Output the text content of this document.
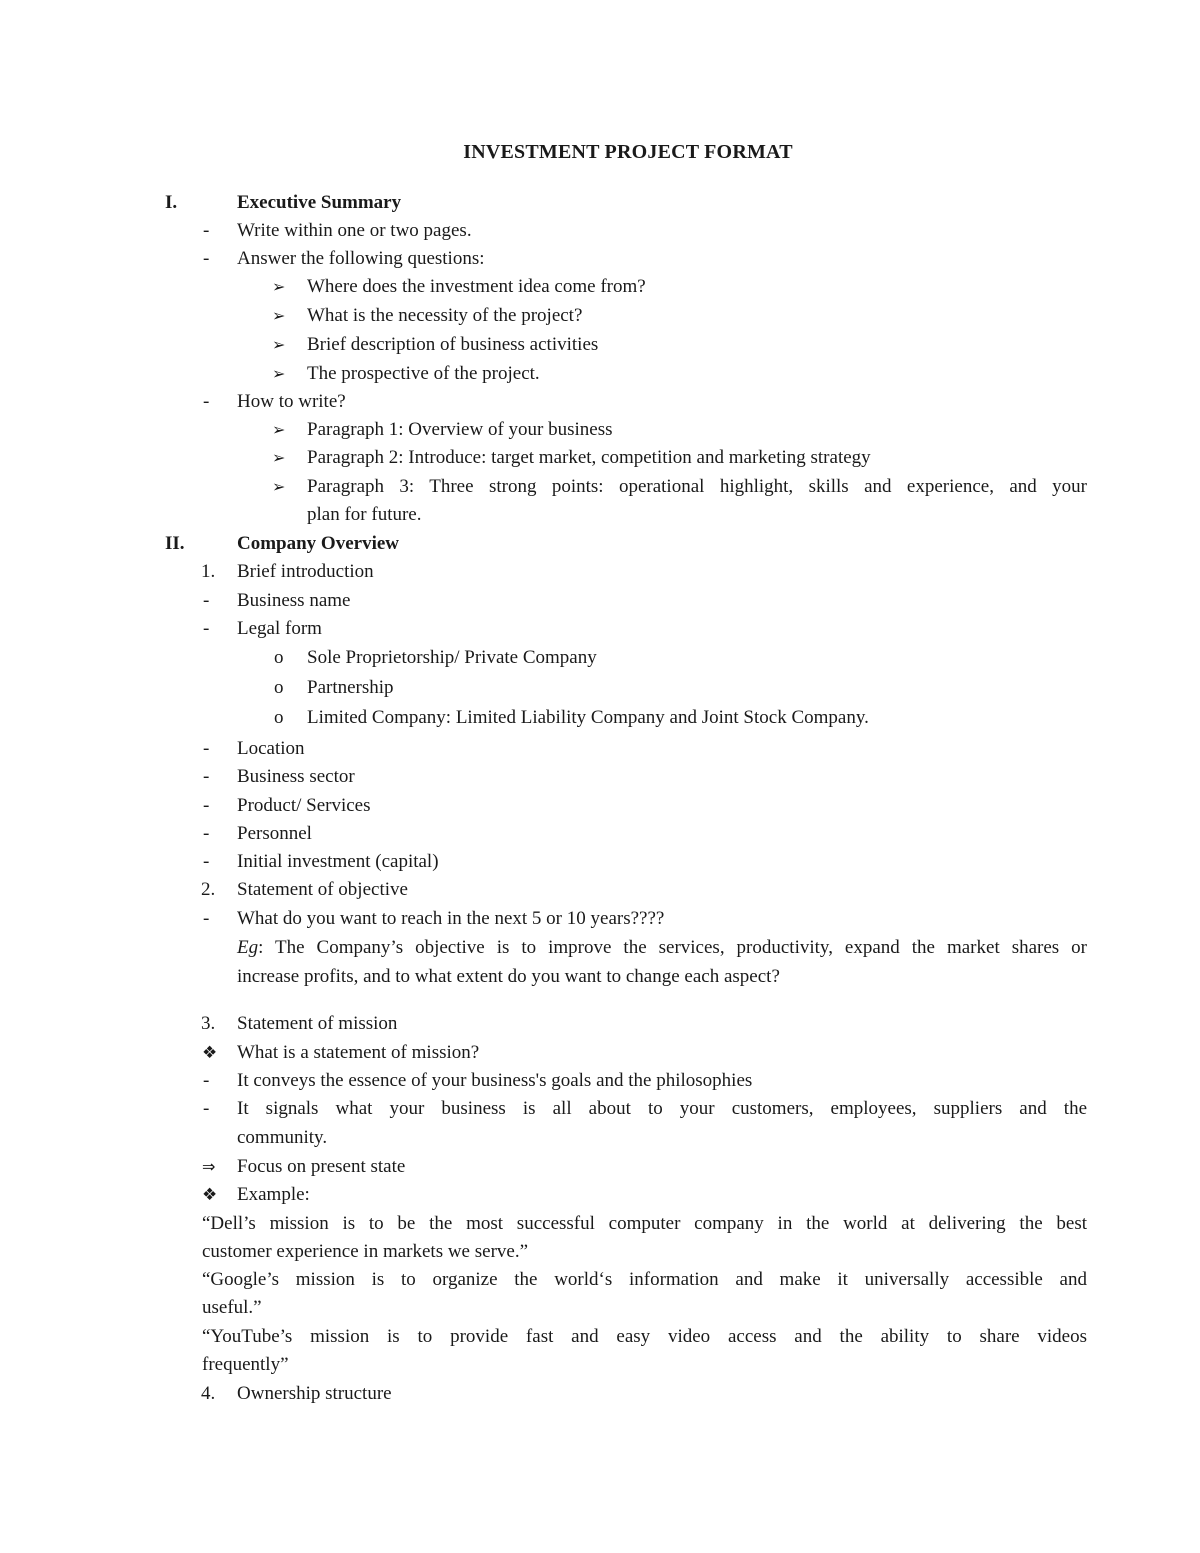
INVESTMENT PROJECT FORMAT
I.	Executive Summary
- Write within one or two pages.
- Answer the following questions:
➢ Where does the investment idea come from?
➢ What is the necessity of the project?
➢ Brief description of business activities
➢ The prospective of the project.
- How to write?
➢ Paragraph 1: Overview of your business
➢ Paragraph 2: Introduce: target market, competition and marketing strategy
➢ Paragraph 3: Three strong points: operational highlight, skills and experience, and your
plan for future.
II.	Company Overview
1. Brief introduction
- Business name
- Legal form
o Sole Proprietorship/ Private Company
o Partnership
o Limited Company: Limited Liability Company and Joint Stock Company.
- Location
- Business sector
- Product/ Services
- Personnel
- Initial investment (capital)
2. Statement of objective
- What do you want to reach in the next 5 or 10 years????
Eg: The Company’s objective is to improve the services, productivity, expand the market shares or
increase profits, and to what extent do you want to change each aspect?
3. Statement of mission
❖ What is a statement of mission?
- It conveys the essence of your business's goals and the philosophies
- It signals what your business is all about to your customers, employees, suppliers and the
community.
⇒ Focus on present state
❖ Example:
“Dell’s mission is to be the most successful computer company in the world at delivering the best
customer experience in markets we serve.”
“Google’s mission is to organize the world‘s information and make it universally accessible and
useful.”
“YouTube’s mission is to provide fast and easy video access and the ability to share videos
frequently”
4. Ownership structure
